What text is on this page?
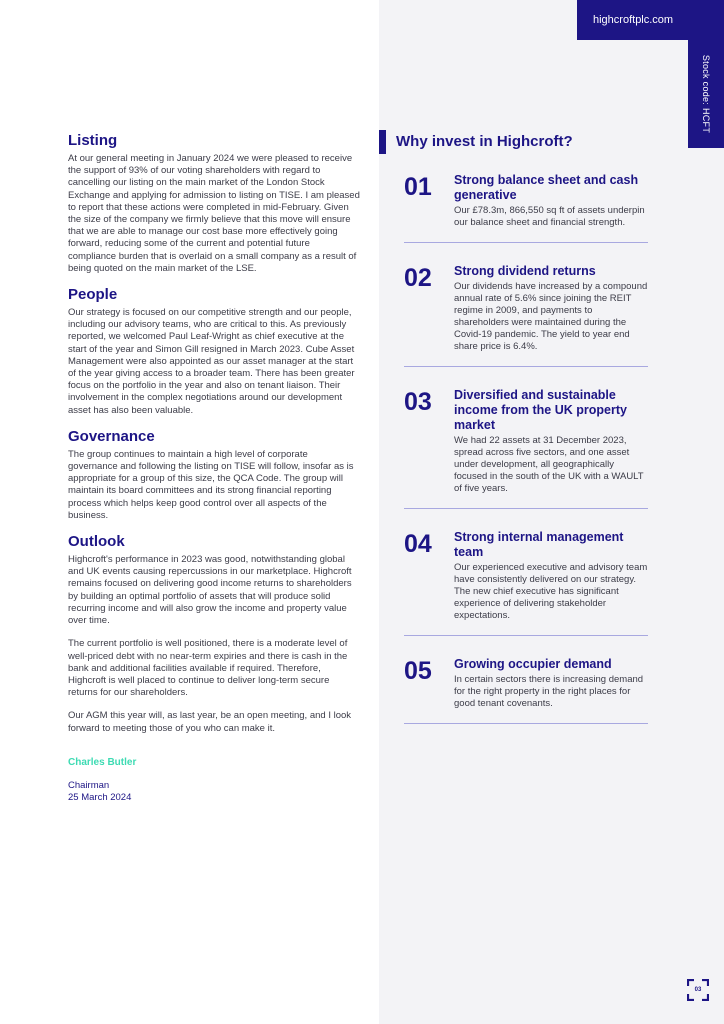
highcroftplc.com
Stock code: HCFT
Listing

At our general meeting in January 2024 we were pleased to receive the support of 93% of our voting shareholders with regard to cancelling our listing on the main market of the London Stock Exchange and applying for admission to listing on TISE. I am pleased to report that these actions were completed in mid-February. Given the size of the company we firmly believe that this move will ensure that we are able to manage our cost base more effectively going forward, reducing some of the current and potential future compliance burden that is overlaid on a small company as a result of being quoted on the main market of the LSE.

People

Our strategy is focused on our competitive strength and our people, including our advisory teams, who are critical to this. As previously reported, we welcomed Paul Leaf-Wright as chief executive at the start of the year and Simon Gill resigned in March 2023. Cube Asset Management were also appointed as our asset manager at the start of the year giving access to a broader team. There has been greater focus on the portfolio in the year and also on tenant liaison. Their involvement in the complex negotiations around our development asset has also been valuable.

Governance

The group continues to maintain a high level of corporate governance and following the listing on TISE will follow, insofar as is appropriate for a group of this size, the QCA Code. The group will maintain its board committees and its strong financial reporting process which helps keep good control over all aspects of the business.

Outlook

Highcroft's performance in 2023 was good, notwithstanding global and UK events causing repercussions in our marketplace. Highcroft remains focused on delivering good income returns to shareholders by building an optimal portfolio of assets that will produce solid recurring income and will also grow the income and property value over time.

The current portfolio is well positioned, there is a moderate level of well-priced debt with no near-term expiries and there is cash in the bank and additional facilities available if required. Therefore, Highcroft is well placed to continue to deliver long-term secure returns for our shareholders.

Our AGM this year will, as last year, be an open meeting, and I look forward to meeting those of you who can make it.

Charles Butler
Chairman
25 March 2024
Why invest in Highcroft?
01 Strong balance sheet and cash generative

Our £78.3m, 866,550 sq ft of assets underpin our balance sheet and financial strength.

02 Strong dividend returns

Our dividends have increased by a compound annual rate of 5.6% since joining the REIT regime in 2009, and payments to shareholders were maintained during the Covid-19 pandemic. The yield to year end share price is 6.4%.

03 Diversified and sustainable income from the UK property market

We had 22 assets at 31 December 2023, spread across five sectors, and one asset under development, all geographically focused in the south of the UK with a WAULT of five years.

04 Strong internal management team

Our experienced executive and advisory team have consistently delivered on our strategy. The new chief executive has significant experience of delivering stakeholder expectations.

05 Growing occupier demand

In certain sectors there is increasing demand for the right property in the right places for good tenant covenants.

03
